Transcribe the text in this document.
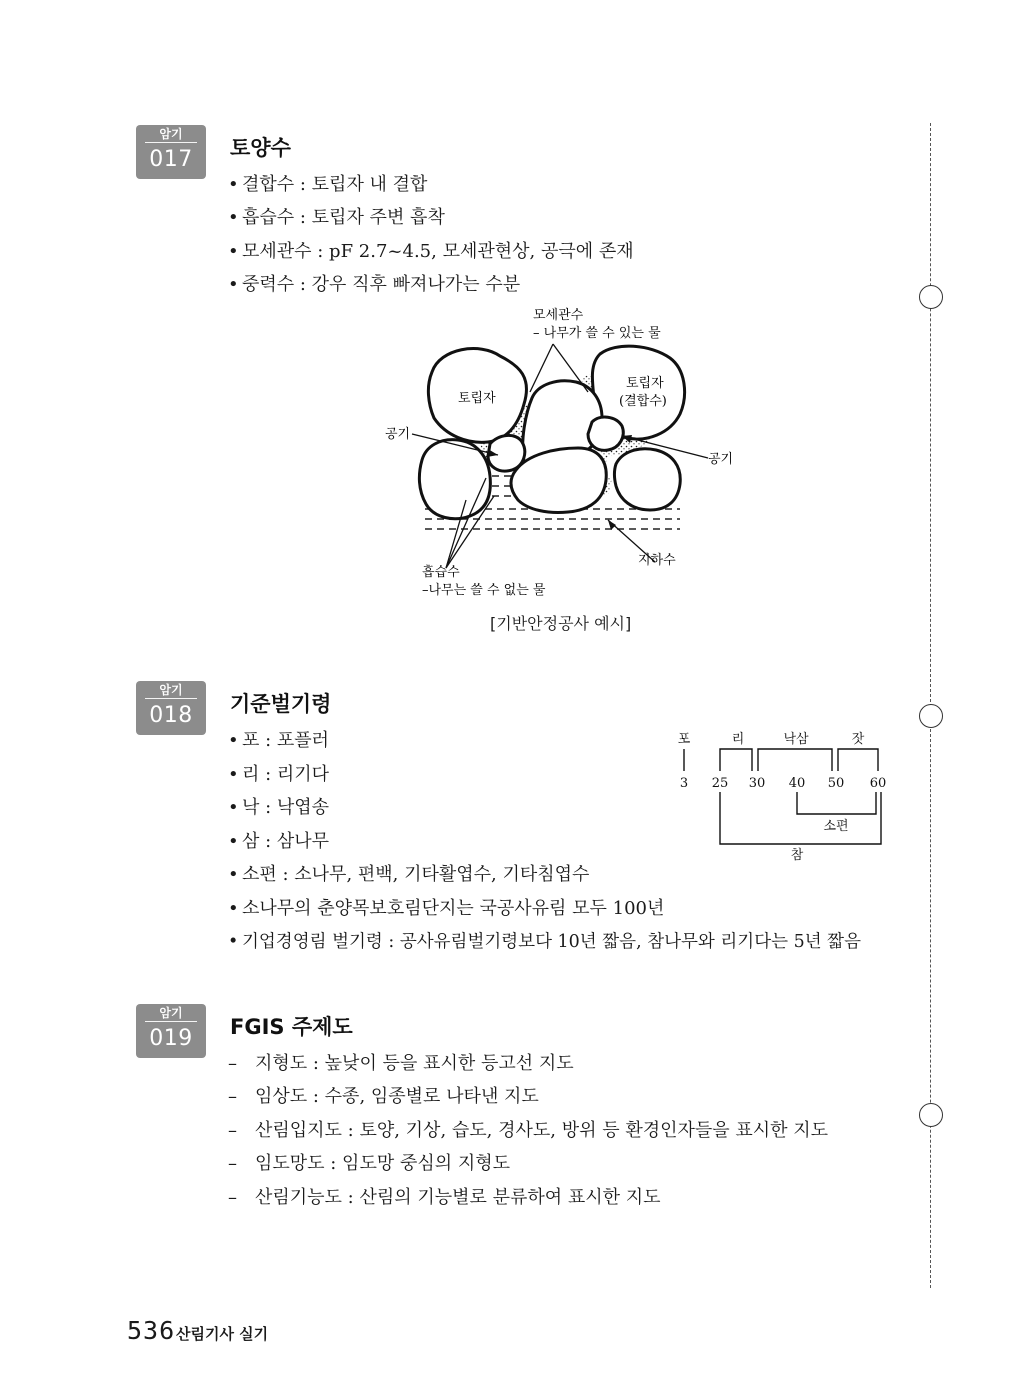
암기
017	토양수
• 결합수 : 토립자 내 결합
• 흡습수 : 토립자 주변 흡착
• 모세관수 : pF 2.7~4.5, 모세관현상, 공극에 존재
• 중력수 : 강우 직후 빠져나가는 수분
모세관수
– 나무가 쓸 수 있는 물
토립자
토립자
(결합수)
공기
공기
지하수
흡습수
–나무는 쓸 수 없는 물
[기반안정공사 예시]
암기
018	기준벌기령
• 포 : 포플러
• 리 : 리기다
• 낙 : 낙엽송
• 삼 : 삼나무
• 소편 : 소나무, 편백, 기타활엽수, 기타침엽수
• 소나무의 춘양목보호림단지는 국공사유림 모두 100년
• 기업경영림 벌기령 : 공사유림벌기령보다 10년 짧음, 참나무와 리기다는 5년 짧음
포	리	낙삼	잣
3 25 30 40 50 60
소편
참
암기
019	FGIS 주제도
– 지형도 : 높낮이 등을 표시한 등고선 지도
– 임상도 : 수종, 임종별로 나타낸 지도
– 산림입지도 : 토양, 기상, 습도, 경사도, 방위 등 환경인자들을 표시한 지도
– 임도망도 : 임도망 중심의 지형도
– 산림기능도 : 산림의 기능별로 분류하여 표시한 지도
536 산림기사 실기
